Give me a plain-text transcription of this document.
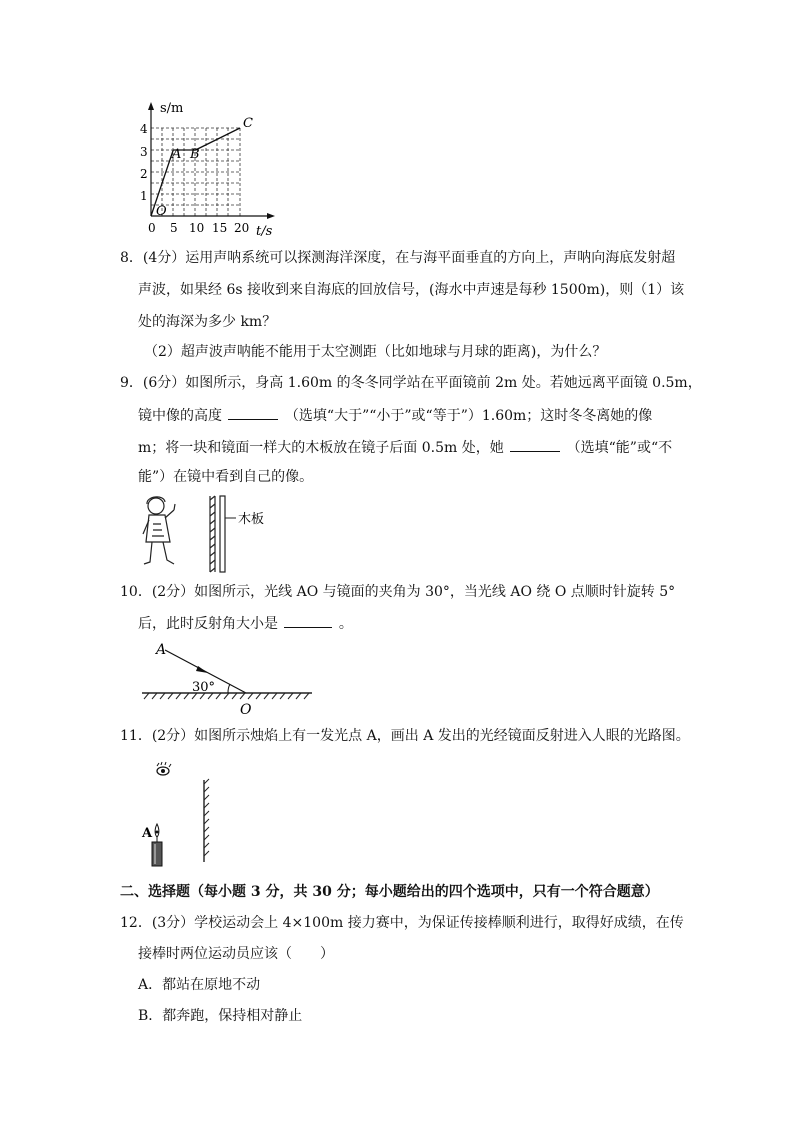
s/m
t/s
1
2
3
4
0 5 10 15 20
O
A B
C
8．(4分）运用声呐系统可以探测海洋深度，在与海平面垂直的方向上，声呐向海底发射超
声波，如果经 6s 接收到来自海底的回放信号，(海水中声速是每秒 1500m)，则（1）该
处的海深为多少 km？
（2）超声波声呐能不能用于太空测距（比如地球与月球的距离)，为什么？
9．(6分）如图所示，身高 1.60m 的冬冬同学站在平面镜前 2m 处。若她远离平面镜 0.5m，
镜中像的高度	（选填“大于”“小于”或“等于”）1.60m；这时冬冬离她的像
m；将一块和镜面一样大的木板放在镜子后面 0.5m 处，她	（选填“能”或“不
能”）在镜中看到自己的像。
木板
10．(2分）如图所示，光线 AO 与镜面的夹角为 30°，当光线 AO 绕 O 点顺时针旋转 5°
后，此时反射角大小是	。
A
30°
O
11．(2分）如图所示烛焰上有一发光点 A，画出 A 发出的光经镜面反射进入人眼的光路图。
A
二、选择题（每小题 3 分，共 30 分；每小题给出的四个选项中，只有一个符合题意）
12．(3分）学校运动会上 4×100m 接力赛中，为保证传接棒顺利进行，取得好成绩，在传
接棒时两位运动员应该（　　）
A．都站在原地不动
B．都奔跑，保持相对静止
